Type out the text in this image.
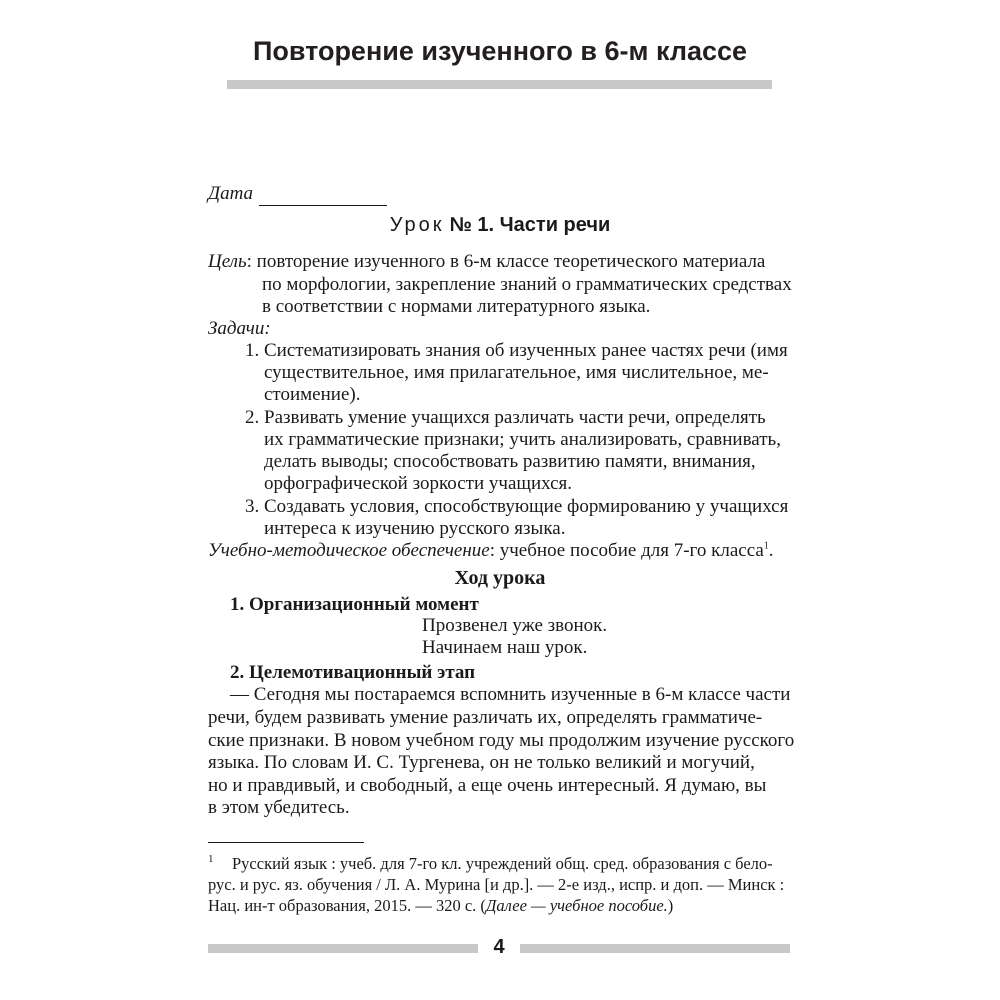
Повторение изученного в 6-м классе
Дата
Урок № 1. Части речи
Цель: повторение изученного в 6-м классе теоретического материала
по морфологии, закрепление знаний о грамматических средствах
в соответствии с нормами литературного языка.
Задачи:
1. Систематизировать знания об изученных ранее частях речи (имя
существительное, имя прилагательное, имя числительное, ме-
стоимение).
2. Развивать умение учащихся различать части речи, определять
их грамматические признаки; учить анализировать, сравнивать,
делать выводы; способствовать развитию памяти, внимания,
орфографической зоркости учащихся.
3. Создавать условия, способствующие формированию у учащихся
интереса к изучению русского языка.
Учебно-методическое обеспечение: учебное пособие для 7-го класса$^1$.
Ход урока
1. Организационный момент
Прозвенел уже звонок.
Начинаем наш урок.
2. Целемотивационный этап
— Сегодня мы постараемся вспомнить изученные в 6-м классе части
речи, будем развивать умение различать их, определять грамматиче-
ские признаки. В новом учебном году мы продолжим изучение русского
языка. По словам И. С. Тургенева, он не только великий и могучий,
но и правдивый, и свободный, а еще очень интересный. Я думаю, вы
в этом убедитесь.
1 Русский язык : учеб. для 7-го кл. учреждений общ. сред. образования с бело-
рус. и рус. яз. обучения / Л. А. Мурина [и др.]. — 2-е изд., испр. и доп. — Минск :
Нац. ин-т образования, 2015. — 320 с. (Далее — учебное пособие.)
4
